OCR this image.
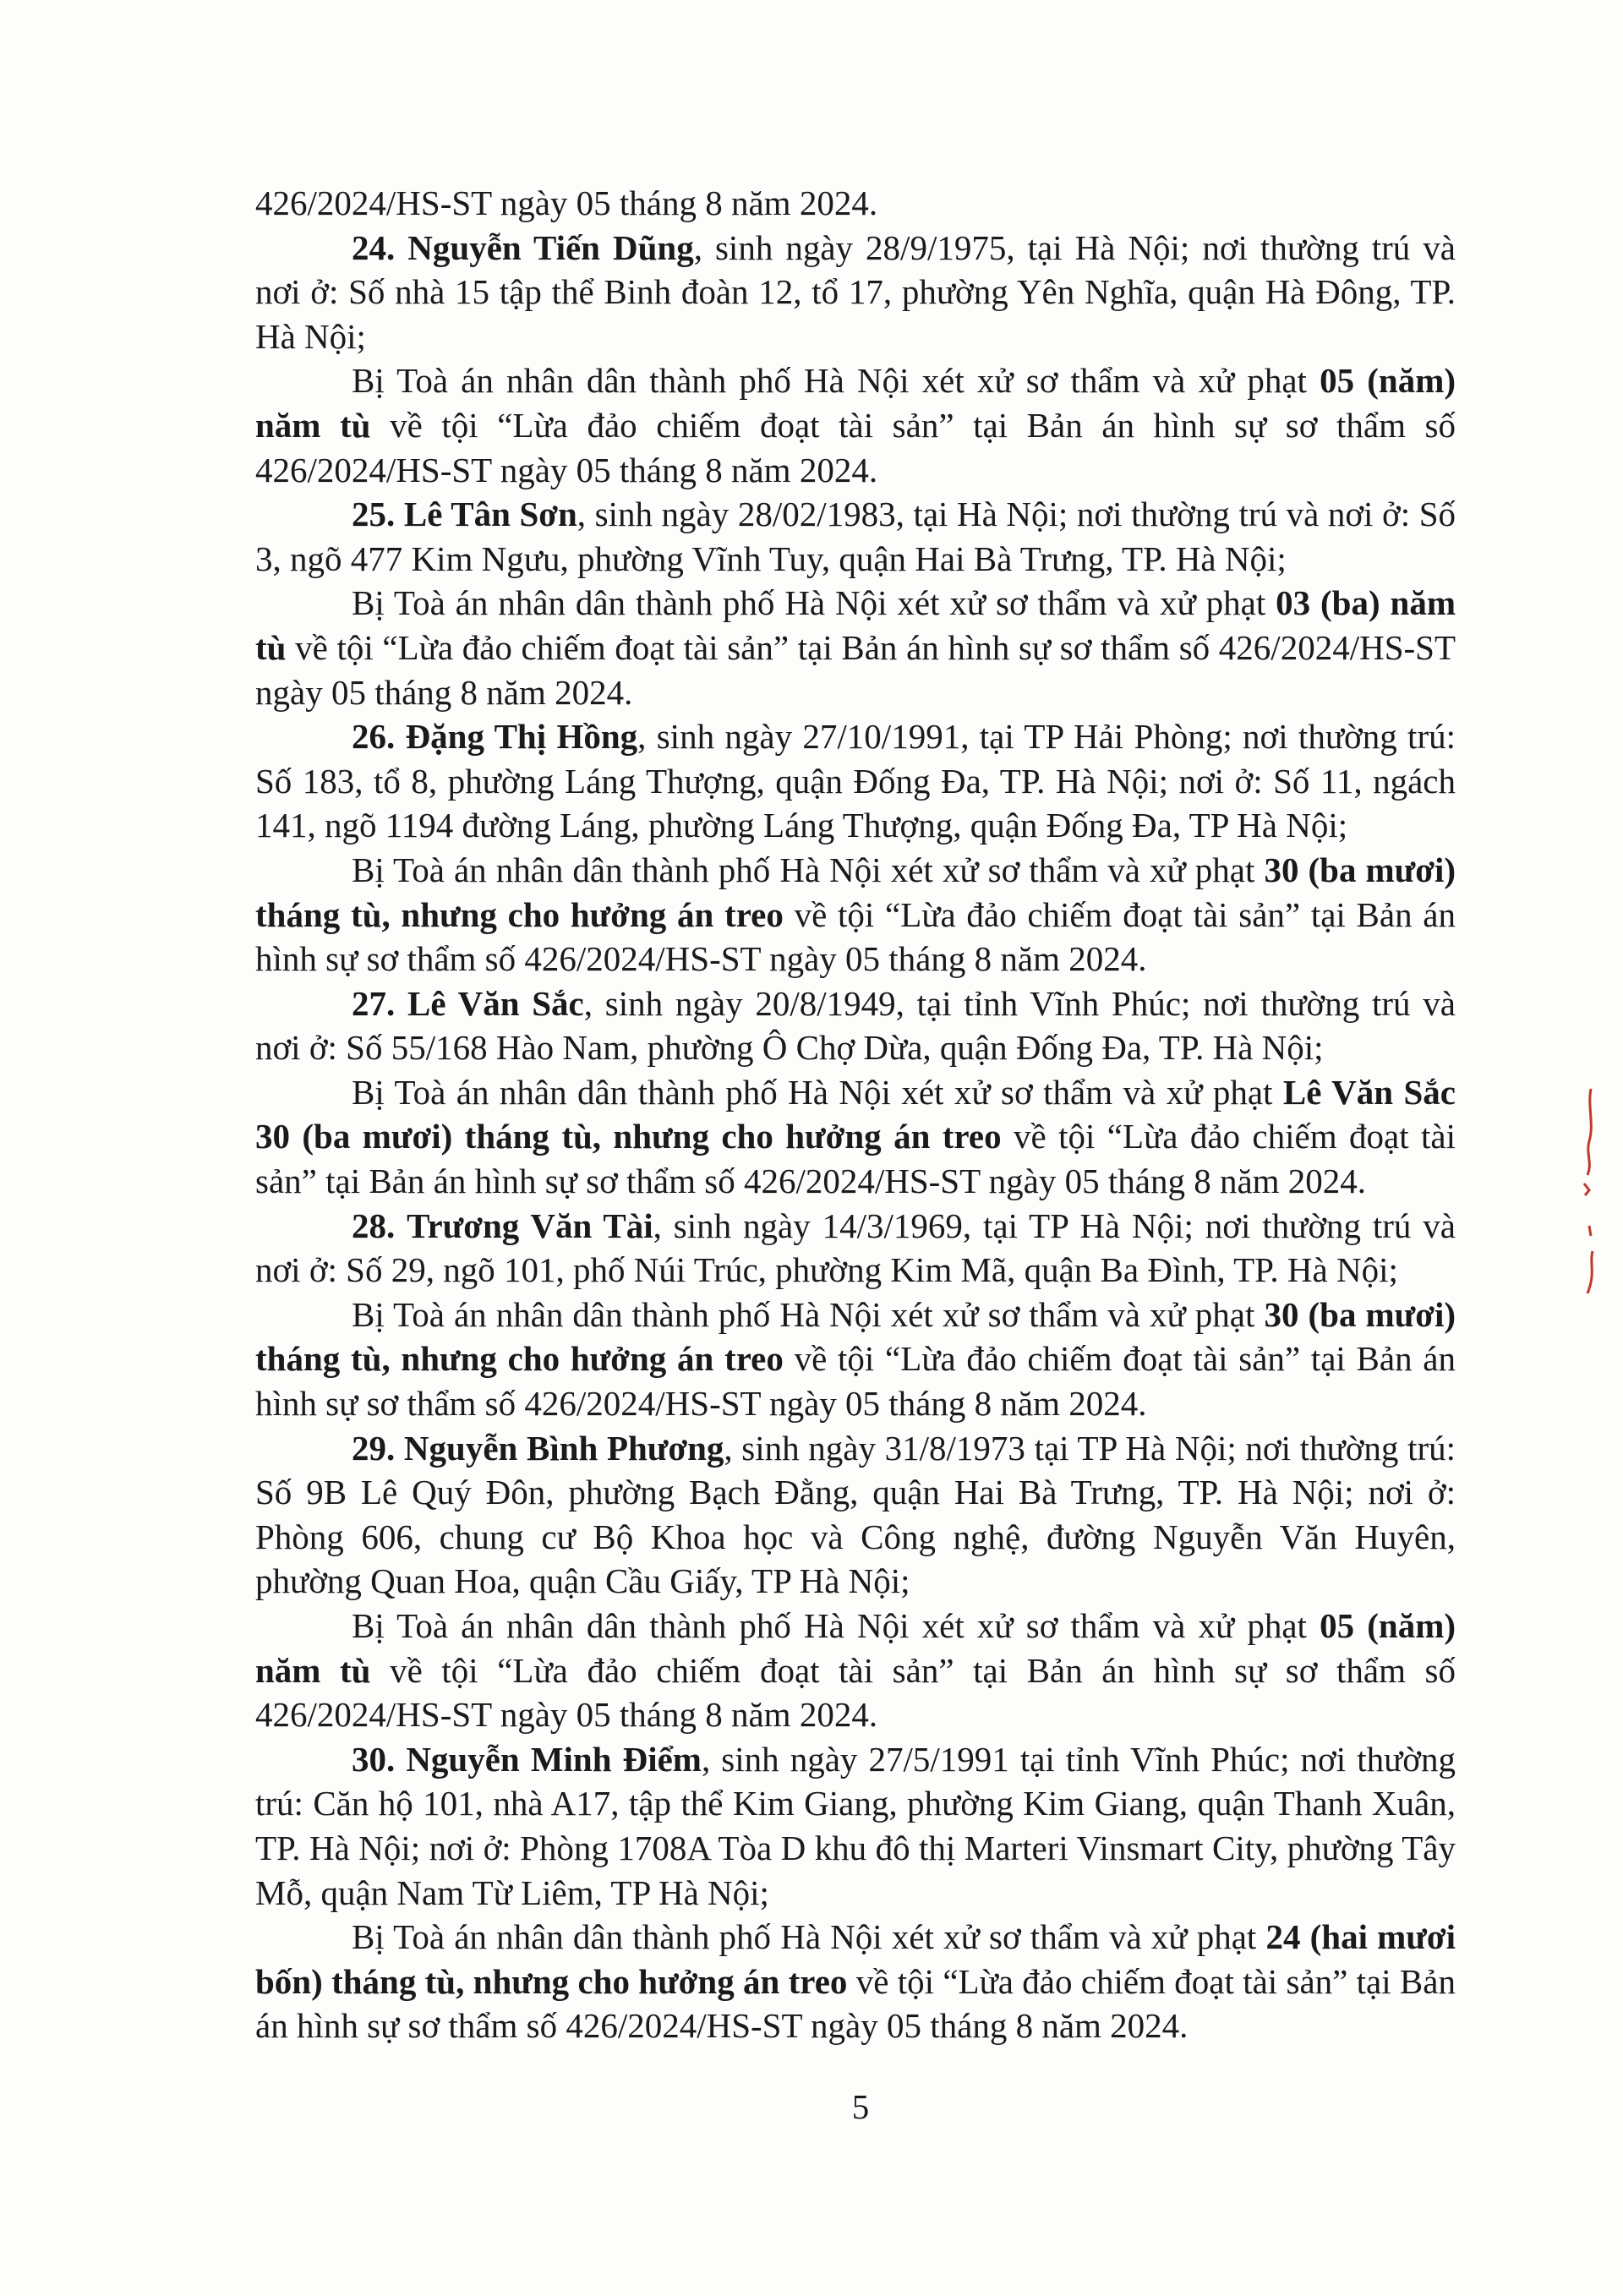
426/2024/HS-ST ngày 05 tháng 8 năm 2024.

24. Nguyễn Tiến Dũng, sinh ngày 28/9/1975, tại Hà Nội; nơi thường trú và nơi ở: Số nhà 15 tập thể Binh đoàn 12, tổ 17, phường Yên Nghĩa, quận Hà Đông, TP. Hà Nội;

Bị Toà án nhân dân thành phố Hà Nội xét xử sơ thẩm và xử phạt 05 (năm) năm tù về tội “Lừa đảo chiếm đoạt tài sản” tại Bản án hình sự sơ thẩm số 426/2024/HS-ST ngày 05 tháng 8 năm 2024.

25. Lê Tân Sơn, sinh ngày 28/02/1983, tại Hà Nội; nơi thường trú và nơi ở: Số 3, ngõ 477 Kim Ngưu, phường Vĩnh Tuy, quận Hai Bà Trưng, TP. Hà Nội;

Bị Toà án nhân dân thành phố Hà Nội xét xử sơ thẩm và xử phạt 03 (ba) năm tù về tội “Lừa đảo chiếm đoạt tài sản” tại Bản án hình sự sơ thẩm số 426/2024/HS-ST ngày 05 tháng 8 năm 2024.

26. Đặng Thị Hồng, sinh ngày 27/10/1991, tại TP Hải Phòng; nơi thường trú: Số 183, tổ 8, phường Láng Thượng, quận Đống Đa, TP. Hà Nội; nơi ở: Số 11, ngách 141, ngõ 1194 đường Láng, phường Láng Thượng, quận Đống Đa, TP Hà Nội;

Bị Toà án nhân dân thành phố Hà Nội xét xử sơ thẩm và xử phạt 30 (ba mươi) tháng tù, nhưng cho hưởng án treo về tội “Lừa đảo chiếm đoạt tài sản” tại Bản án hình sự sơ thẩm số 426/2024/HS-ST ngày 05 tháng 8 năm 2024.

27. Lê Văn Sắc, sinh ngày 20/8/1949, tại tỉnh Vĩnh Phúc; nơi thường trú và nơi ở: Số 55/168 Hào Nam, phường Ô Chợ Dừa, quận Đống Đa, TP. Hà Nội;

Bị Toà án nhân dân thành phố Hà Nội xét xử sơ thẩm và xử phạt Lê Văn Sắc 30 (ba mươi) tháng tù, nhưng cho hưởng án treo về tội “Lừa đảo chiếm đoạt tài sản” tại Bản án hình sự sơ thẩm số 426/2024/HS-ST ngày 05 tháng 8 năm 2024.

28. Trương Văn Tài, sinh ngày 14/3/1969, tại TP Hà Nội; nơi thường trú và nơi ở: Số 29, ngõ 101, phố Núi Trúc, phường Kim Mã, quận Ba Đình, TP. Hà Nội;

Bị Toà án nhân dân thành phố Hà Nội xét xử sơ thẩm và xử phạt 30 (ba mươi) tháng tù, nhưng cho hưởng án treo về tội “Lừa đảo chiếm đoạt tài sản” tại Bản án hình sự sơ thẩm số 426/2024/HS-ST ngày 05 tháng 8 năm 2024.

29. Nguyễn Bình Phương, sinh ngày 31/8/1973 tại TP Hà Nội; nơi thường trú: Số 9B Lê Quý Đôn, phường Bạch Đằng, quận Hai Bà Trưng, TP. Hà Nội; nơi ở: Phòng 606, chung cư Bộ Khoa học và Công nghệ, đường Nguyễn Văn Huyên, phường Quan Hoa, quận Cầu Giấy, TP Hà Nội;

Bị Toà án nhân dân thành phố Hà Nội xét xử sơ thẩm và xử phạt 05 (năm) năm tù về tội “Lừa đảo chiếm đoạt tài sản” tại Bản án hình sự sơ thẩm số 426/2024/HS-ST ngày 05 tháng 8 năm 2024.

30. Nguyễn Minh Điểm, sinh ngày 27/5/1991 tại tỉnh Vĩnh Phúc; nơi thường trú: Căn hộ 101, nhà A17, tập thể Kim Giang, phường Kim Giang, quận Thanh Xuân, TP. Hà Nội; nơi ở: Phòng 1708A Tòa D khu đô thị Marteri Vinsmart City, phường Tây Mỗ, quận Nam Từ Liêm, TP Hà Nội;

Bị Toà án nhân dân thành phố Hà Nội xét xử sơ thẩm và xử phạt 24 (hai mươi bốn) tháng tù, nhưng cho hưởng án treo về tội “Lừa đảo chiếm đoạt tài sản” tại Bản án hình sự sơ thẩm số 426/2024/HS-ST ngày 05 tháng 8 năm 2024.

5
